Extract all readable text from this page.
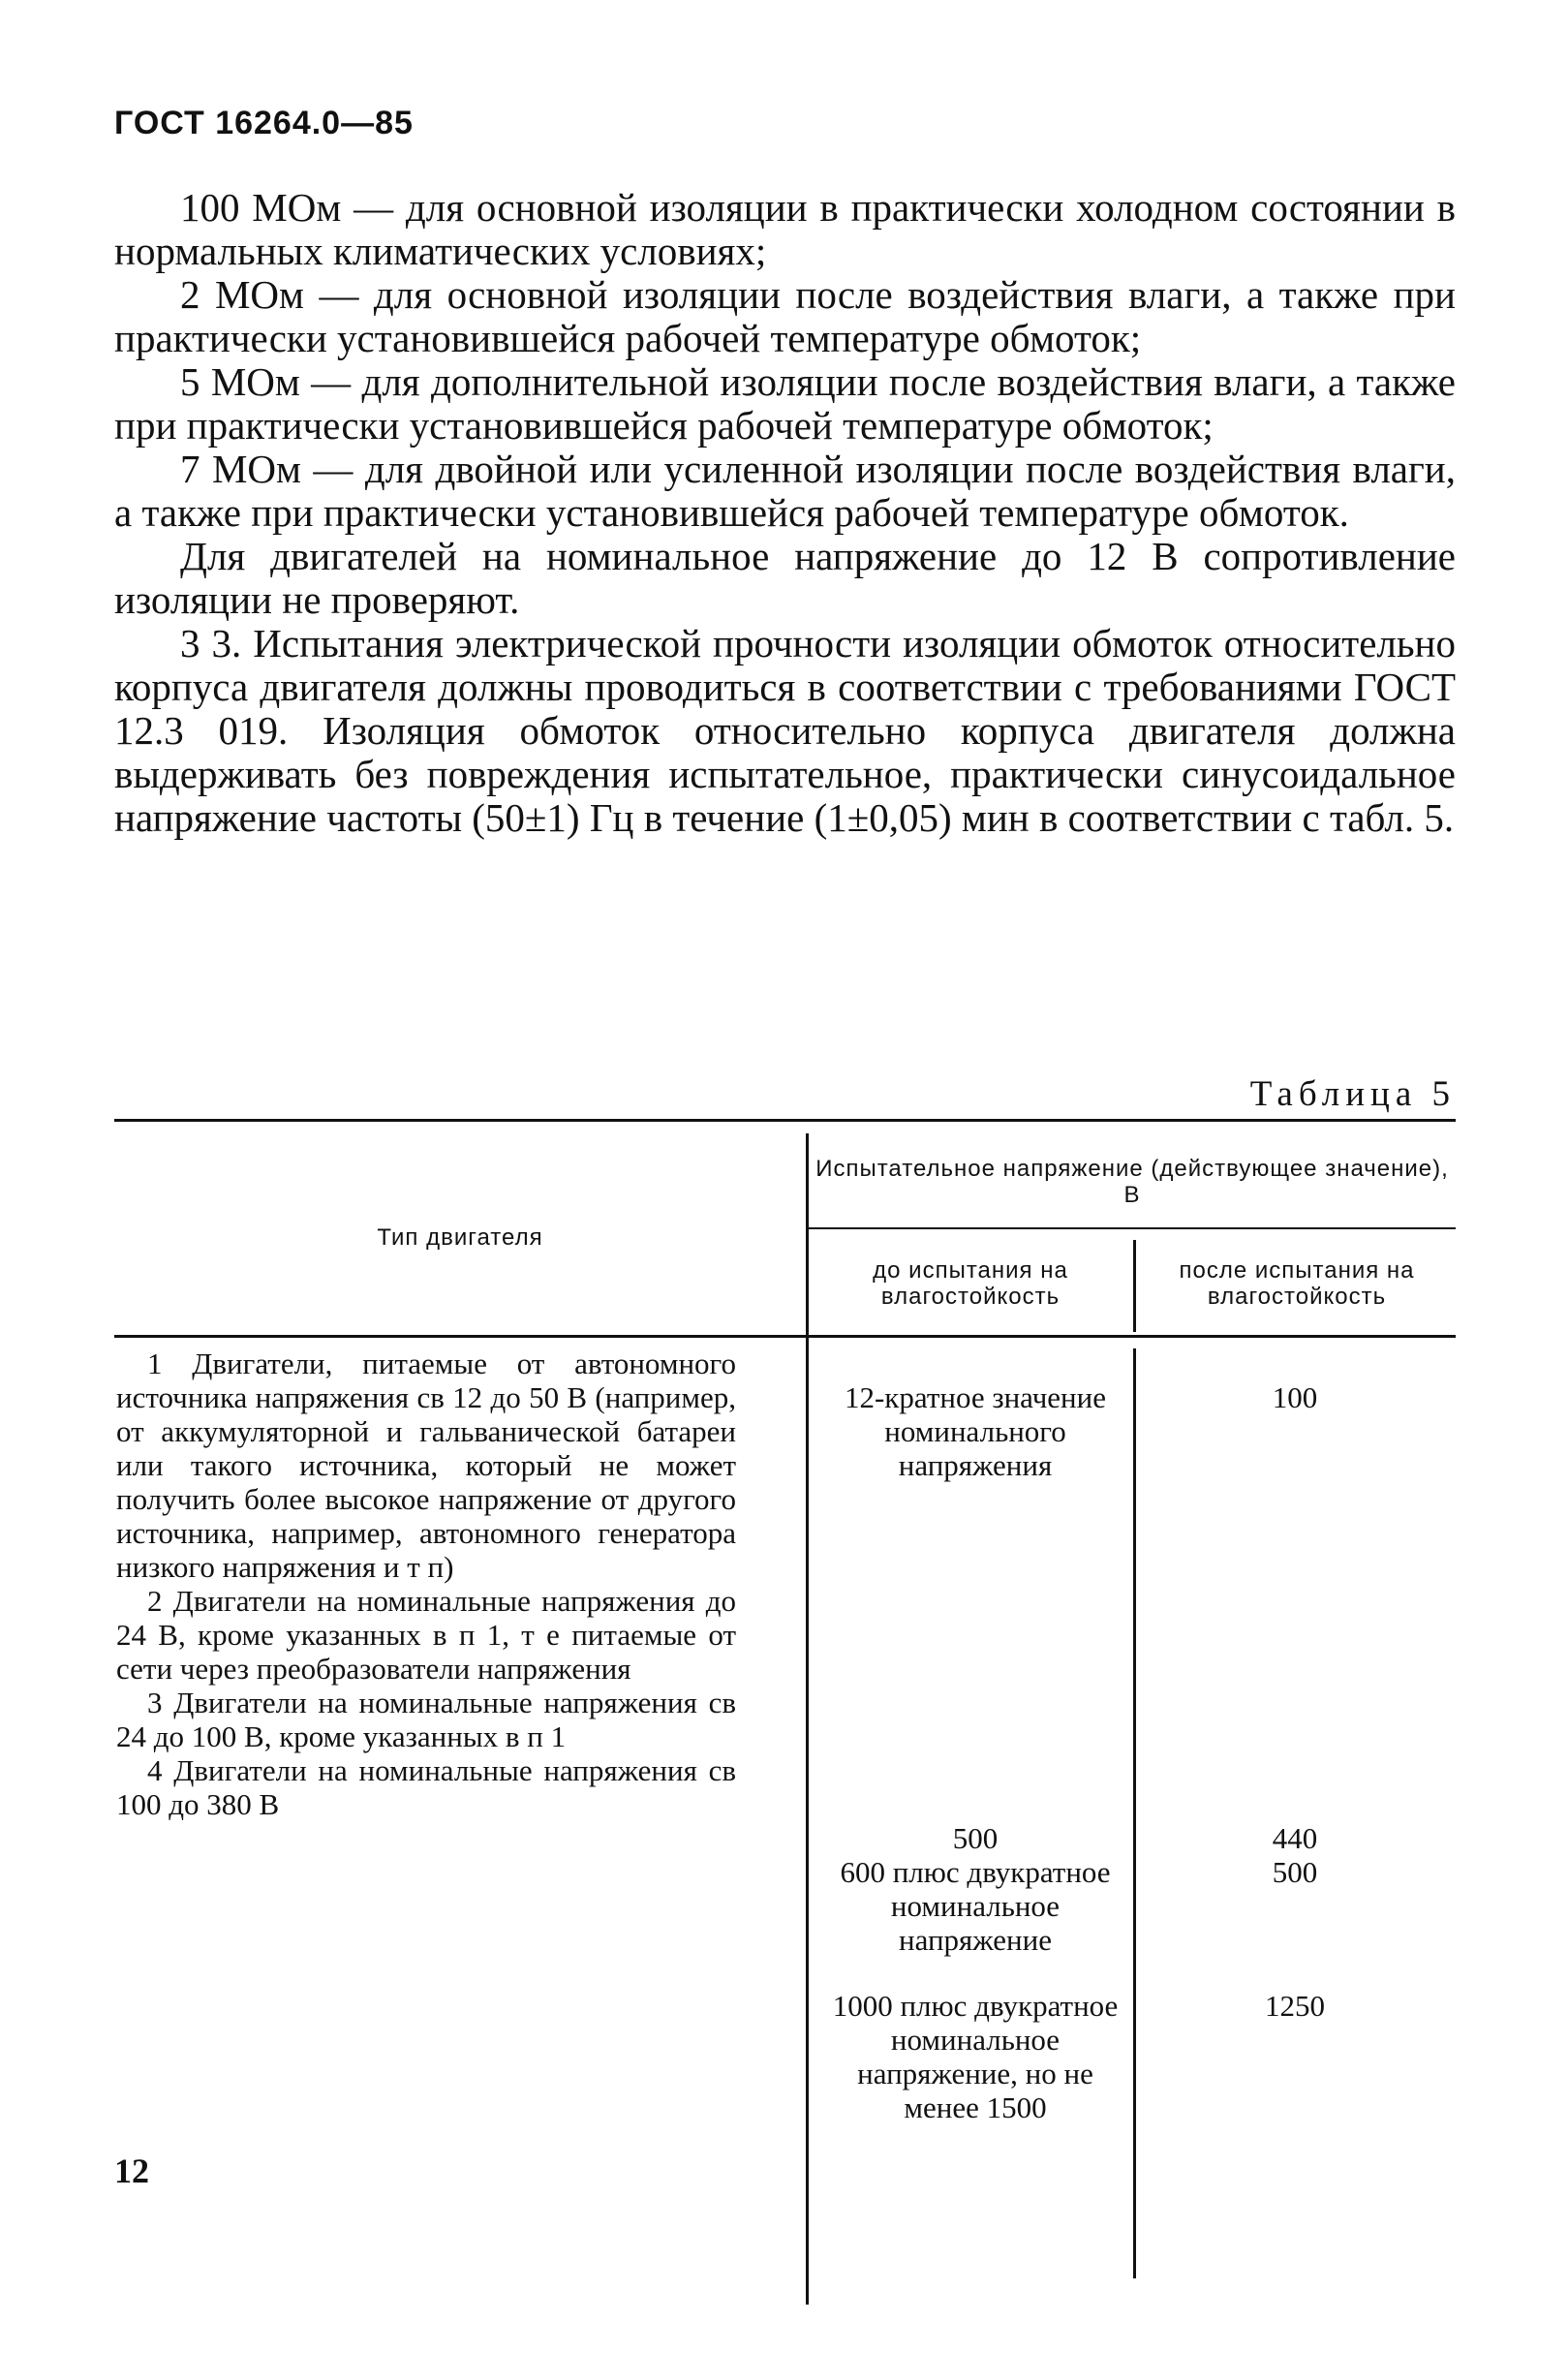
ГОСТ 16264.0—85

100 МОм — для основной изоляции в практически холодном состоянии в нормальных климатических условиях;

2 МОм — для основной изоляции после воздействия влаги, а также при практически установившейся рабочей температуре обмоток;

5 МОм — для дополнительной изоляции после воздействия влаги, а также при практически установившейся рабочей температуре обмоток;

7 МОм — для двойной или усиленной изоляции после воздействия влаги, а также при практически установившейся рабочей температуре обмоток.

Для двигателей на номинальное напряжение до 12 В сопротивление изоляции не проверяют.

3 3. Испытания электрической прочности изоляции обмоток относительно корпуса двигателя должны проводиться в соответствии с требованиями ГОСТ 12.3 019. Изоляция обмоток относительно корпуса двигателя должна выдерживать без повреждения испытательное, практически синусоидальное напряжение частоты (50±1) Гц в течение (1±0,05) мин в соответствии с табл. 5.

Таблица 5
Тип двигателя
Испытательное напряжение (действующее значение), В
до испытания на влагостойкость
после испытания на влагостойкость

1 Двигатели, питаемые от автономного источника напряжения св 12 до 50 В (например, от аккумуляторной и гальванической батареи или такого источника, который не может получить более высокое напряжение от другого источника, например, автономного генератора низкого напряжения и т п)

2 Двигатели на номинальные напряжения до 24 В, кроме указанных в п 1, т е питаемые от сети через преобразователи напряжения

3 Двигатели на номинальные напряжения св 24 до 100 В, кроме указанных в п 1

4 Двигатели на номинальные напряжения св 100 до 380 В

12-кратное значение номинального напряжения
500
600 плюс двукратное номинальное напряжение
1000 плюс двукратное номинальное напряжение, но не менее 1500
100
440
500
1250
12
